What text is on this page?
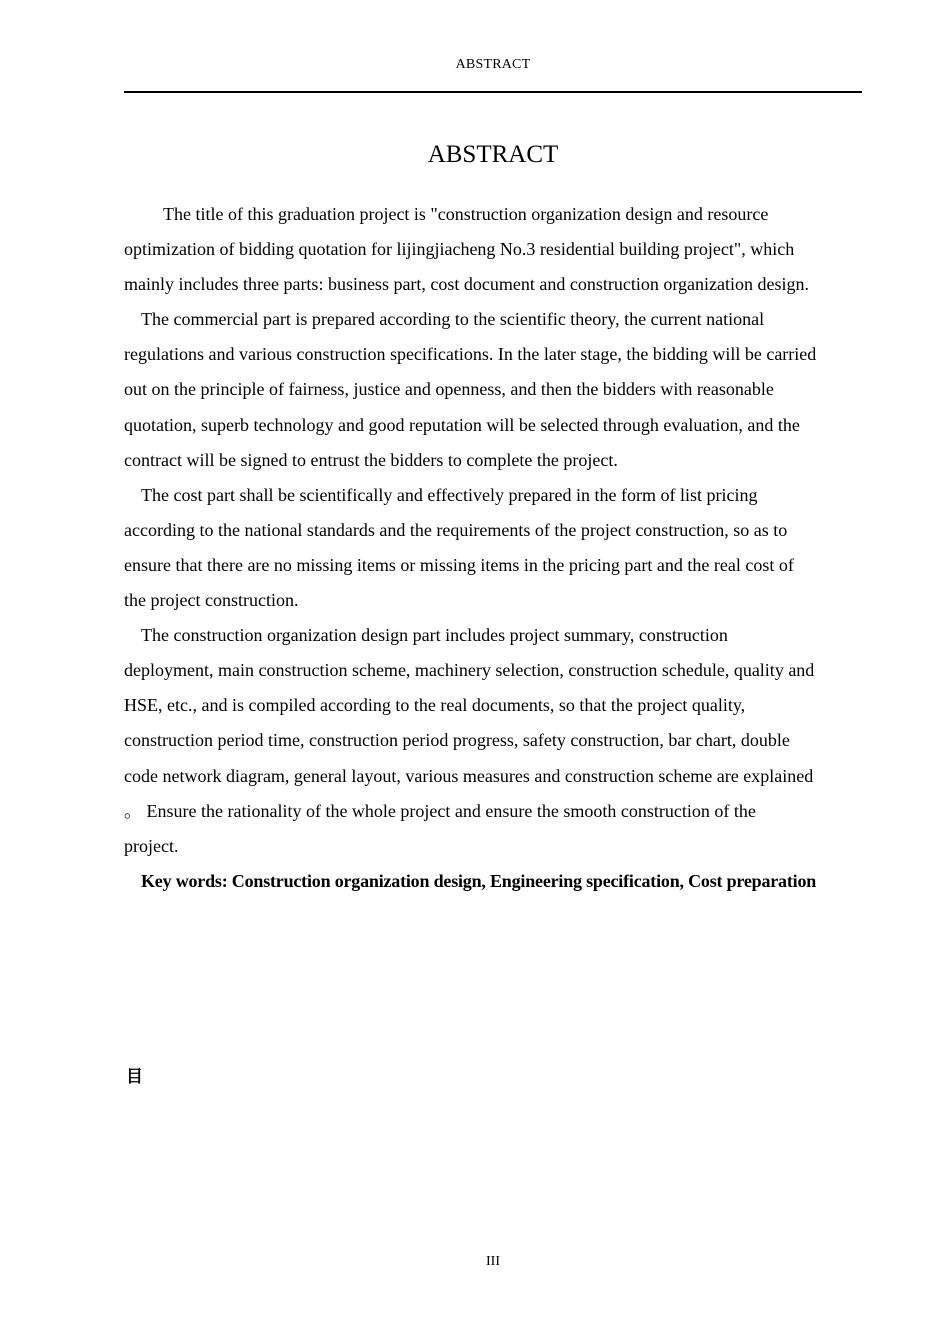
ABSTRACT
ABSTRACT

The title of this graduation project is "construction organization design and resource
optimization of bidding quotation for lijingjiacheng No.3 residential building project", which
mainly includes three parts: business part, cost document and construction organization design.

The commercial part is prepared according to the scientific theory, the current national
regulations and various construction specifications. In the later stage, the bidding will be carried
out on the principle of fairness, justice and openness, and then the bidders with reasonable
quotation, superb technology and good reputation will be selected through evaluation, and the
contract will be signed to entrust the bidders to complete the project.

The cost part shall be scientifically and effectively prepared in the form of list pricing
according to the national standards and the requirements of the project construction, so as to
ensure that there are no missing items or missing items in the pricing part and the real cost of
the project construction.

The construction organization design part includes project summary, construction
deployment, main construction scheme, machinery selection, construction schedule, quality and
HSE, etc., and is compiled according to the real documents, so that the project quality,
construction period time, construction period progress, safety construction, bar chart, double
code network diagram, general layout, various measures and construction scheme are explained
。 Ensure the rationality of the whole project and ensure the smooth construction of the
project.

Key words: Construction organization design, Engineering specification, Cost preparation

目
III
